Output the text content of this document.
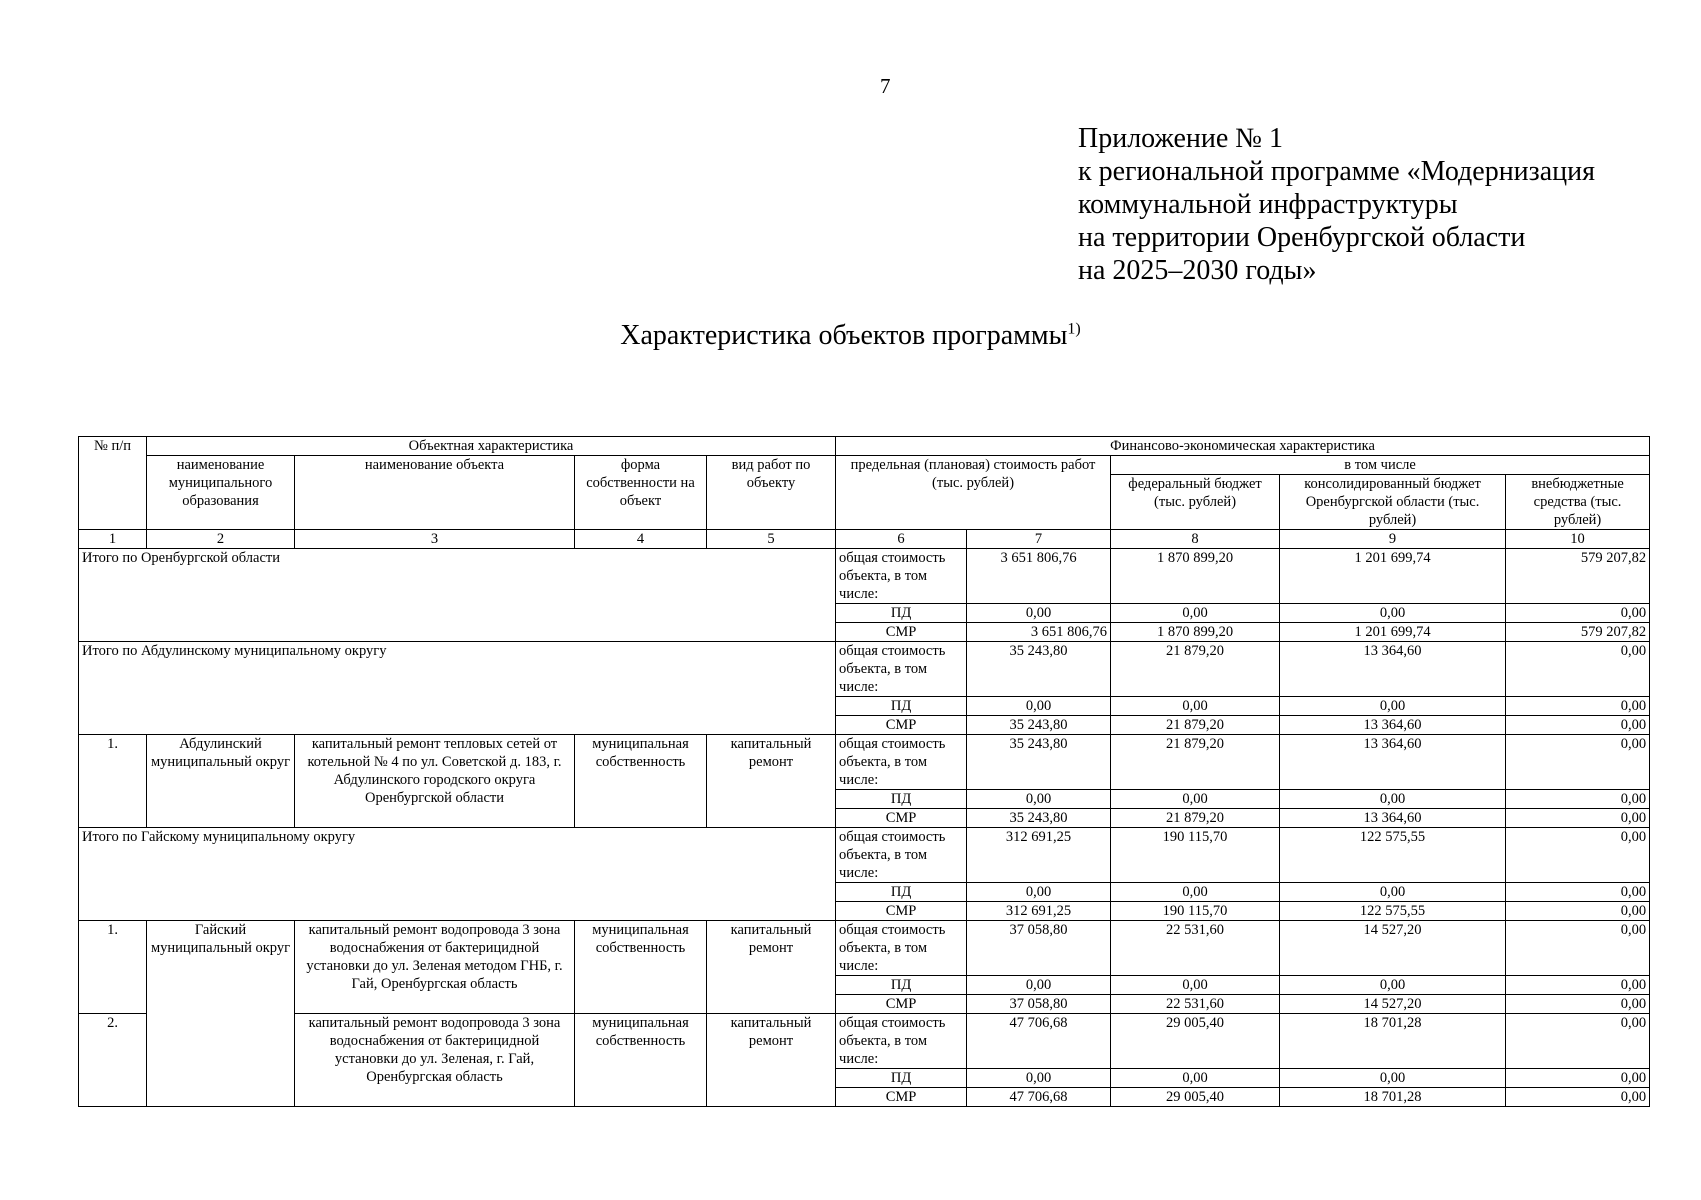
7
Приложение № 1
к региональной программе «Модернизация
коммунальной инфраструктуры
на территории Оренбургской области
на 2025–2030 годы»
Характеристика объектов программы$^{1)}$
№ п/п	Объектная характеристика				Финансово-экономическая характеристика				
	наименование муниципального образования	наименование объекта	форма собственности на объект	вид работ по объекту	предельная (плановая) стоимость работ (тыс. рублей)		в том числе		
							федеральный бюджет (тыс. рублей)	консолидированный бюджет Оренбургской области (тыс. рублей)	внебюджетные средства (тыс. рублей)
1	2	3	4	5	6	7	8	9	10
Итого по Оренбургской области					общая стоимость объекта, в том числе:	3 651 806,76	1 870 899,20	1 201 699,74	579 207,82
					ПД	0,00	0,00	0,00	0,00
					СМР	3 651 806,76	1 870 899,20	1 201 699,74	579 207,82
Итого по Абдулинскому муниципальному округу					общая стоимость объекта, в том числе:	35 243,80	21 879,20	13 364,60	0,00
					ПД	0,00	0,00	0,00	0,00
					СМР	35 243,80	21 879,20	13 364,60	0,00
1.	Абдулинский муниципальный округ	капитальный ремонт тепловых сетей от котельной № 4 по ул. Советской д. 183, г. Абдулинского городского округа Оренбургской области	муниципальная собственность	капитальный ремонт	общая стоимость объекта, в том числе:	35 243,80	21 879,20	13 364,60	0,00
					ПД	0,00	0,00	0,00	0,00
					СМР	35 243,80	21 879,20	13 364,60	0,00
Итого по Гайскому муниципальному округу					общая стоимость объекта, в том числе:	312 691,25	190 115,70	122 575,55	0,00
					ПД	0,00	0,00	0,00	0,00
					СМР	312 691,25	190 115,70	122 575,55	0,00
1.	Гайский муниципальный округ	капитальный ремонт водопровода 3 зона водоснабжения от бактерицидной установки до ул. Зеленая методом ГНБ, г. Гай, Оренбургская область	муниципальная собственность	капитальный ремонт	общая стоимость объекта, в том числе:	37 058,80	22 531,60	14 527,20	0,00
					ПД	0,00	0,00	0,00	0,00
					СМР	37 058,80	22 531,60	14 527,20	0,00
2.		капитальный ремонт водопровода 3 зона водоснабжения от бактерицидной установки до ул. Зеленая, г. Гай, Оренбургская область	муниципальная собственность	капитальный ремонт	общая стоимость объекта, в том числе:	47 706,68	29 005,40	18 701,28	0,00
					ПД	0,00	0,00	0,00	0,00
					СМР	47 706,68	29 005,40	18 701,28	0,00
